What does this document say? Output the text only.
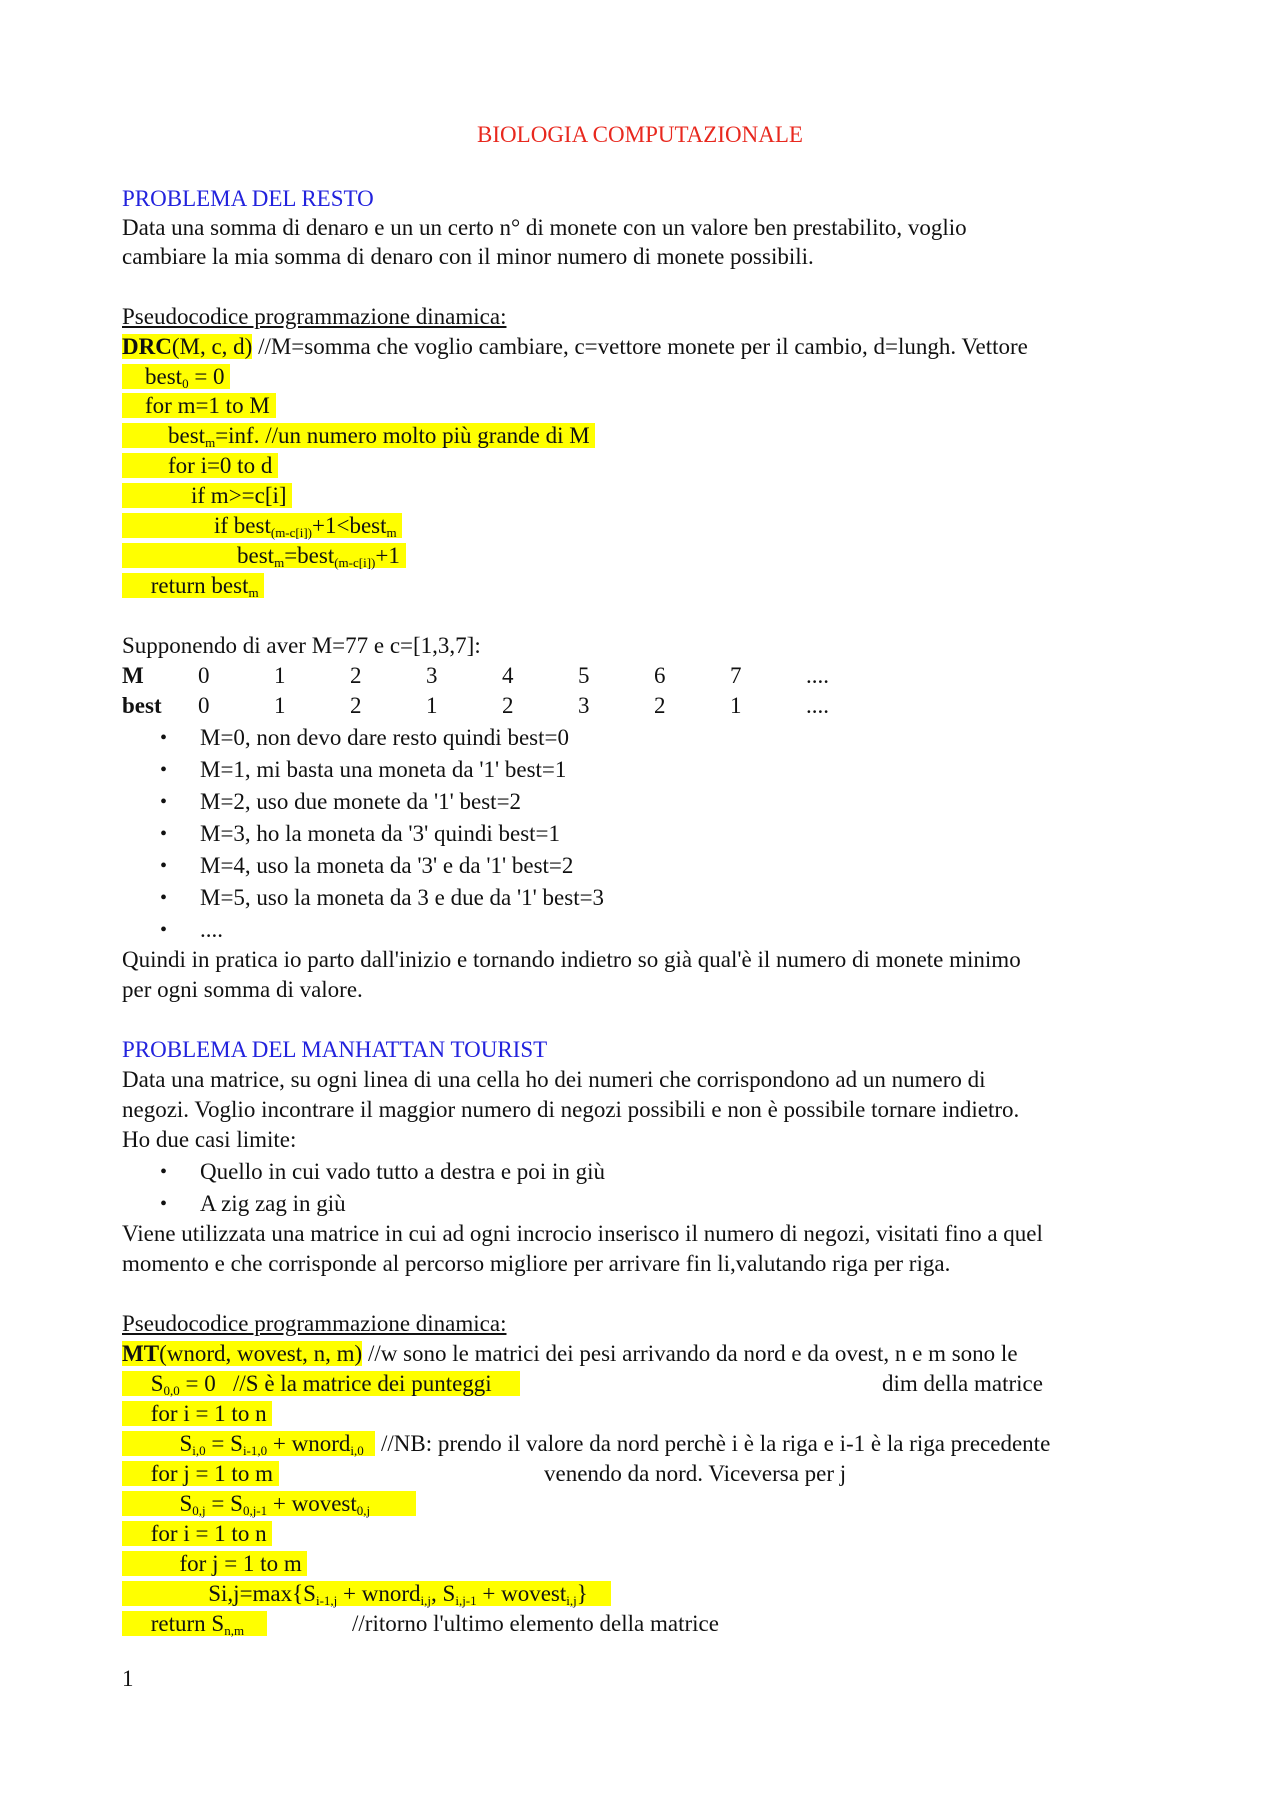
BIOLOGIA COMPUTAZIONALE
PROBLEMA DEL RESTO
Data una somma di denaro e un un certo n° di monete con un valore ben prestabilito, voglio
cambiare la mia somma di denaro con il minor numero di monete possibili.
Pseudocodice programmazione dinamica:
DRC(M, c, d) //M=somma che voglio cambiare, c=vettore monete per il cambio, d=lungh. Vettore
best$_0$ = 0
for m=1 to M
best$_m$=inf. //un numero molto più grande di M
for i=0 to d
if m>=c[i]
if best$_{(m-c[i])}$+1<best$_m$
best$_m$=best$_{(m-c[i])}$+1
return best$_m$
Supponendo di aver M=77 e c=[1,3,7]:
M 0	1	2	3	4	5	6	7	....
best 0	1	2	1	2	3	2	1	....
• M=0, non devo dare resto quindi best=0
• M=1, mi basta una moneta da '1' best=1
• M=2, uso due monete da '1' best=2
• M=3, ho la moneta da '3' quindi best=1
• M=4, uso la moneta da '3' e da '1' best=2
• M=5, uso la moneta da 3 e due da '1' best=3
• ....
Quindi in pratica io parto dall'inizio e tornando indietro so già qual'è il numero di monete minimo
per ogni somma di valore.
PROBLEMA DEL MANHATTAN TOURIST
Data una matrice, su ogni linea di una cella ho dei numeri che corrispondono ad un numero di
negozi. Voglio incontrare il maggior numero di negozi possibili e non è possibile tornare indietro.
Ho due casi limite:
• Quello in cui vado tutto a destra e poi in giù
• A zig zag in giù
Viene utilizzata una matrice in cui ad ogni incrocio inserisco il numero di negozi, visitati fino a quel
momento e che corrisponde al percorso migliore per arrivare fin li,valutando riga per riga.
Pseudocodice programmazione dinamica:
MT(wnord, wovest, n, m) //w sono le matrici dei pesi arrivando da nord e da ovest, n e m sono le
$S_{0,0} = 0$   //S è la matrice dei punteggi	dim della matrice
for i = 1 to n
$S_{i,0} = S_{i-1,0}$ + wnord$_{i,0}$   //NB: prendo il valore da nord perchè i è la riga e i-1 è la riga precedente
for j = 1 to m	venendo da nord. Viceversa per j
$S_{0,j} = S_{0,j-1}$ + wovest$_{0,j}$
for i = 1 to n
for j = 1 to m
$Si,j=\max\{S_{i-1,j}$ + wnord$_{i,j}$, $S_{i,j-1}$ + wovest$_{i,j}$}
return $S_{n,m}$	//ritorno l'ultimo elemento della matrice
1
